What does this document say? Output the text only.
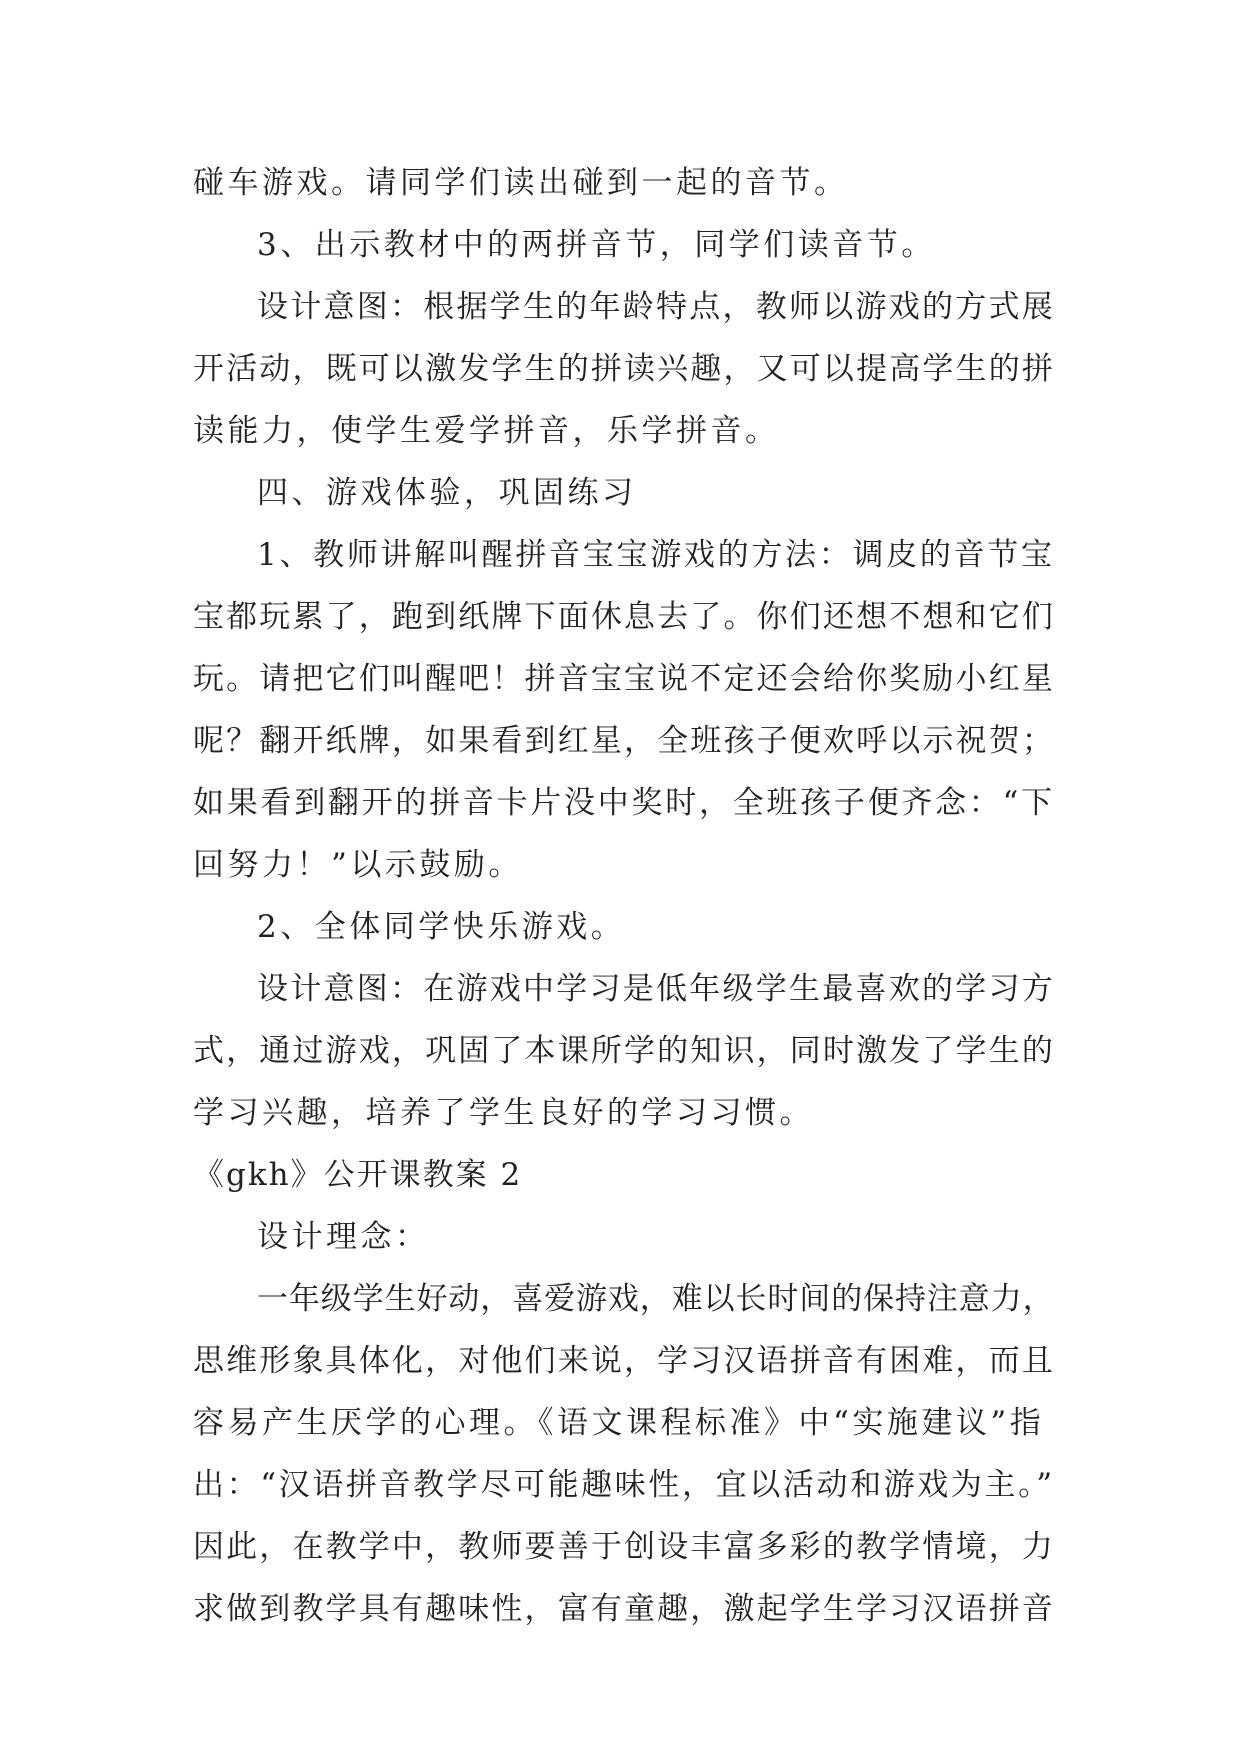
碰车游戏。请同学们读出碰到一起的音节。

3、出示教材中的两拼音节，同学们读音节。

设计意图：根据学生的年龄特点，教师以游戏的方式展

开活动，既可以激发学生的拼读兴趣，又可以提高学生的拼

读能力，使学生爱学拼音，乐学拼音。

四、游戏体验，巩固练习

1、教师讲解叫醒拼音宝宝游戏的方法：调皮的音节宝

宝都玩累了，跑到纸牌下面休息去了。你们还想不想和它们

玩。请把它们叫醒吧！拼音宝宝说不定还会给你奖励小红星

呢？翻开纸牌，如果看到红星，全班孩子便欢呼以示祝贺；

如果看到翻开的拼音卡片没中奖时，全班孩子便齐念：“下

回努力！”以示鼓励。

2、全体同学快乐游戏。

设计意图：在游戏中学习是低年级学生最喜欢的学习方

式，通过游戏，巩固了本课所学的知识，同时激发了学生的

学习兴趣，培养了学生良好的学习习惯。

《gkh》公开课教案 2

设计理念：

一年级学生好动，喜爱游戏，难以长时间的保持注意力，

思维形象具体化，对他们来说，学习汉语拼音有困难，而且

容易产生厌学的心理。《语文课程标准》中“实施建议”指

出：“汉语拼音教学尽可能趣味性，宜以活动和游戏为主。”

因此，在教学中，教师要善于创设丰富多彩的教学情境，力

求做到教学具有趣味性，富有童趣，激起学生学习汉语拼音
